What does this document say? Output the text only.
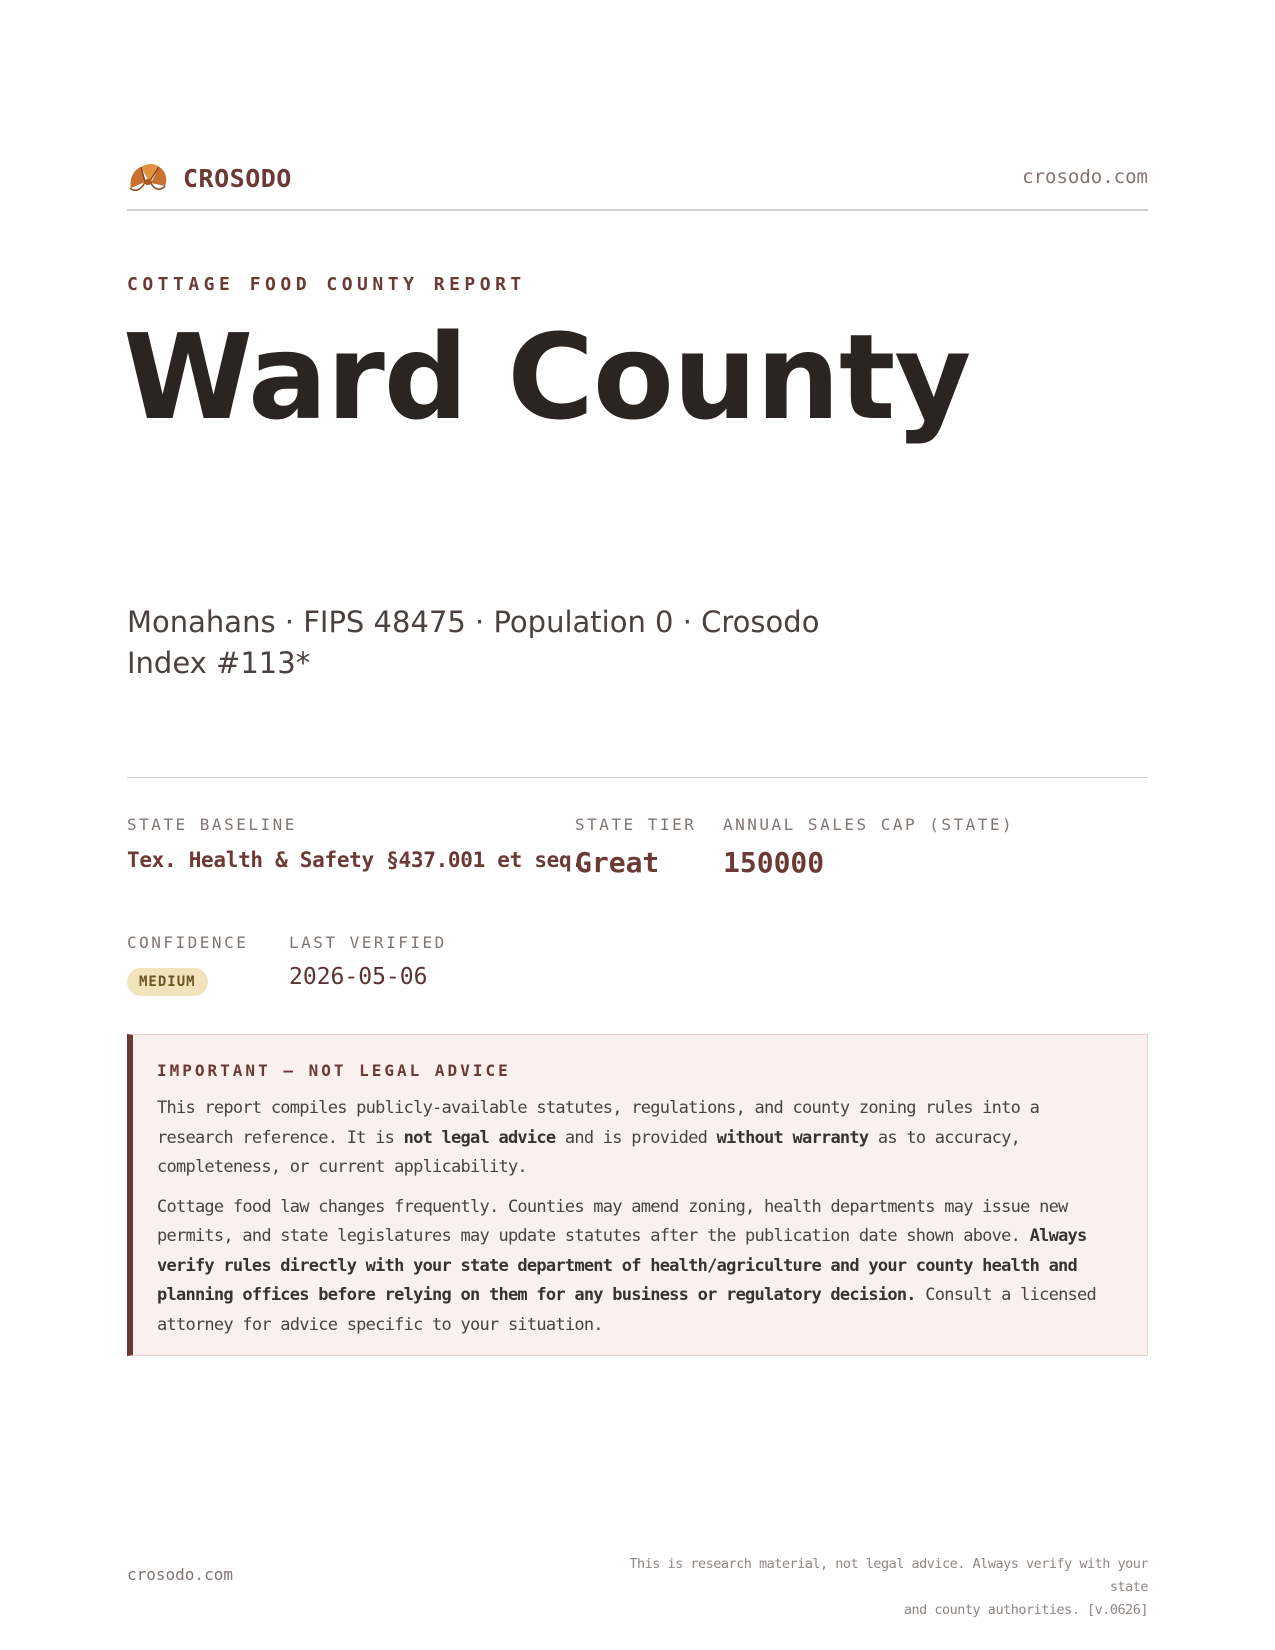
CROSODO	crosodo.com
COTTAGE FOOD COUNTY REPORT
Ward County
Monahans · FIPS 48475 · Population 0 · Crosodo Index #113*
STATE BASELINE
Tex. Health & Safety §437.001 et seq.
STATE TIER
Great
ANNUAL SALES CAP (STATE)
150000
CONFIDENCE
MEDIUM
LAST VERIFIED
2026-05-06
IMPORTANT — NOT LEGAL ADVICE

This report compiles publicly-available statutes, regulations, and county zoning rules into a research reference. It is not legal advice and is provided without warranty as to accuracy, completeness, or current applicability.

Cottage food law changes frequently. Counties may amend zoning, health departments may issue new permits, and state legislatures may update statutes after the publication date shown above. Always verify rules directly with your state department of health/agriculture and your county health and planning offices before relying on them for any business or regulatory decision. Consult a licensed attorney for advice specific to your situation.

crosodo.com
This is research material, not legal advice. Always verify with your state
and county authorities. [v.0626]
